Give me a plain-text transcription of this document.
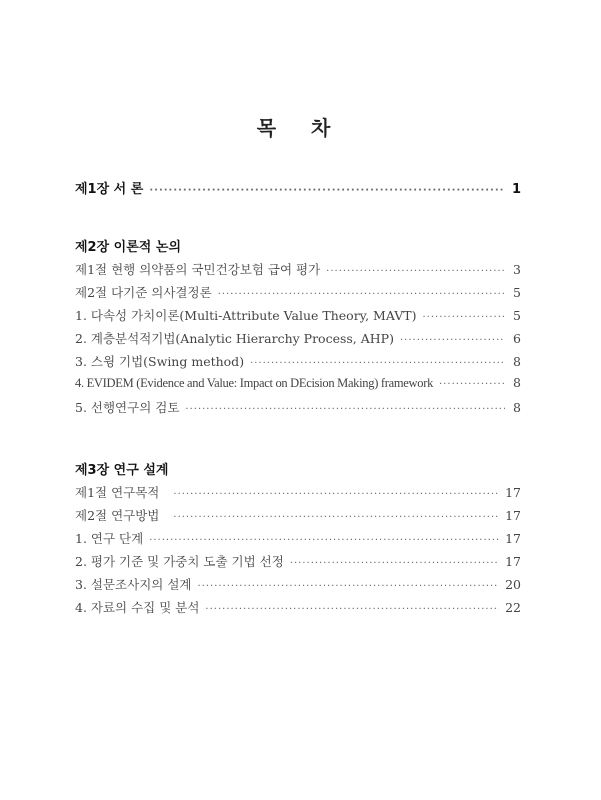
목 차
제1장 서 론 ·····	1
제2장 이론적 논의
제1절 현행 의약품의 국민건강보험 급여 평가 ·····	3
제2절 다기준 의사결정론 ·····	5
1. 다속성 가치이론(Multi-Attribute Value Theory, MAVT) ·····	5
2. 계층분석적기법(Analytic Hierarchy Process, AHP) ·····	6
3. 스윙 기법(Swing method) ·····	8
4. EVIDEM (Evidence and Value: Impact on DEcision Making) framework ·····	8
5. 선행연구의 검토 ·····	8
제3장 연구 설계
제1절 연구목적 ·····	17
제2절 연구방법 ·····	17
1. 연구 단계 ·····	17
2. 평가 기준 및 가중치 도출 기법 선정 ·····	17
3. 설문조사지의 설계 ·····	20
4. 자료의 수집 및 분석 ·····	22
